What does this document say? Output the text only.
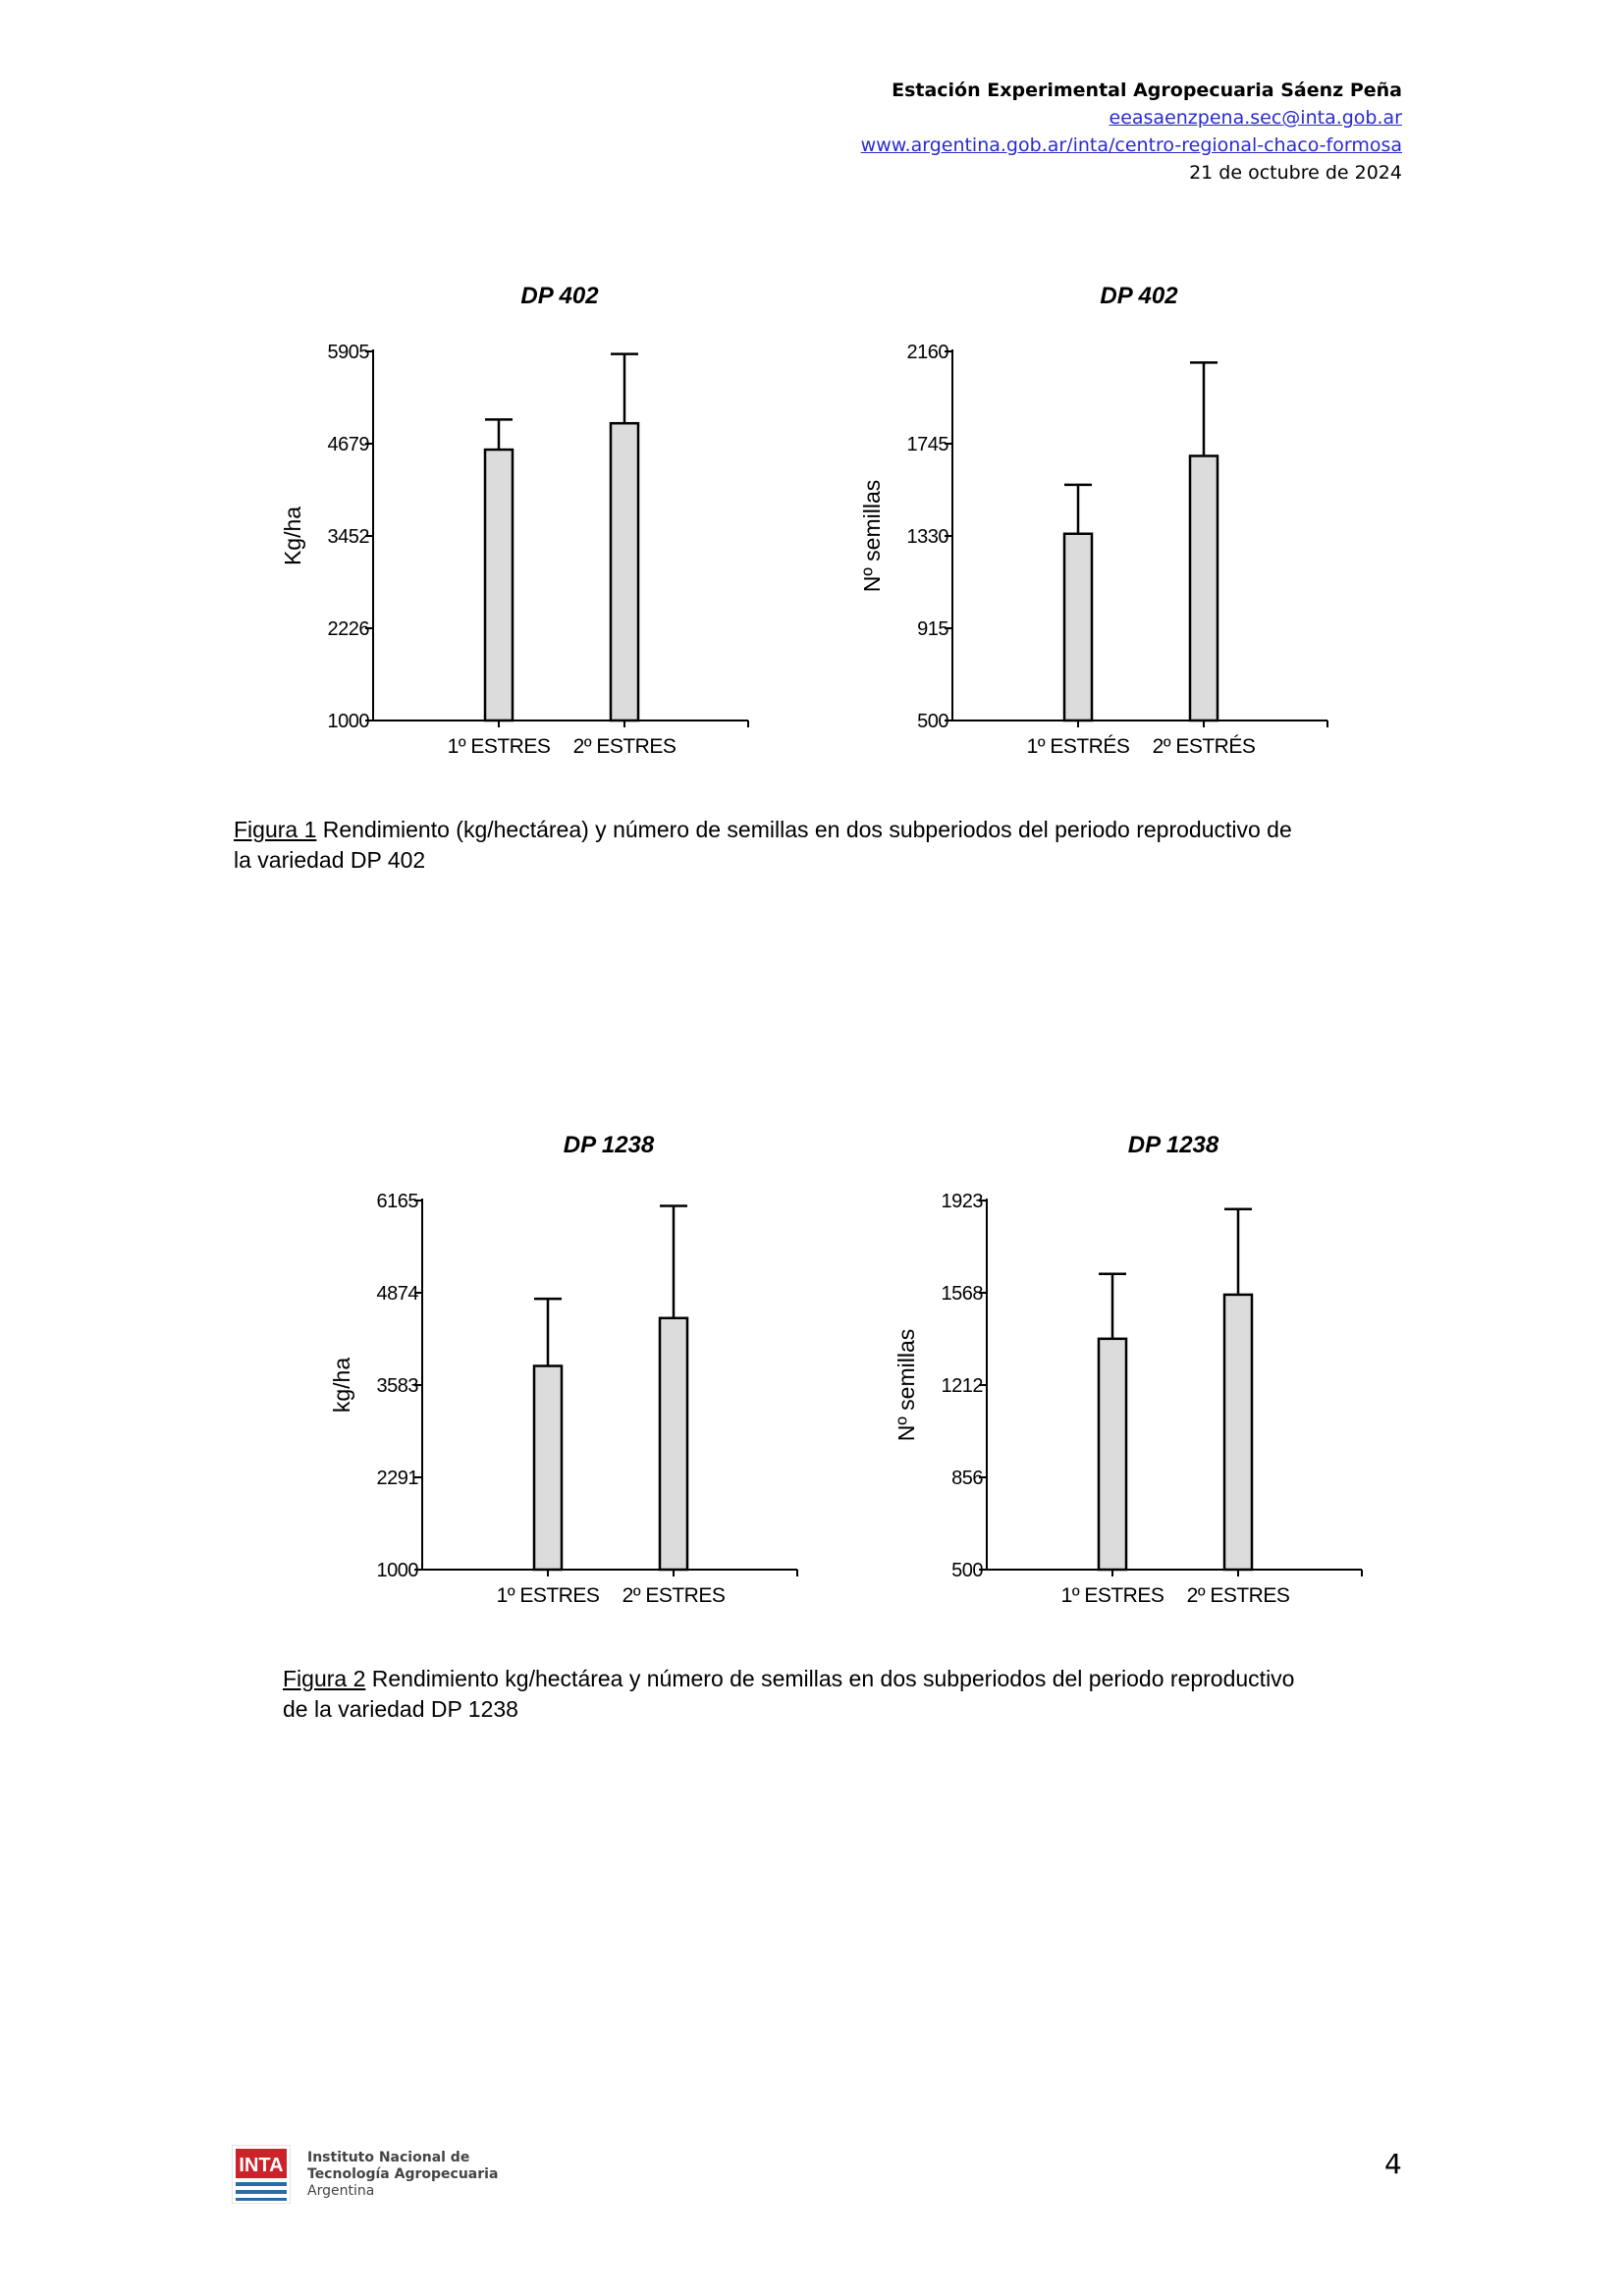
Estación Experimental Agropecuaria Sáenz Peña
eeasaenzpena.sec@inta.gob.ar
www.argentina.gob.ar/inta/centro-regional-chaco-formosa
21 de octubre de 2024
DP 402
5905
4679
3452
2226
1000
Kg/ha
1º ESTRES 2º ESTRES
DP 402
2160
1745
1330
915
500
Nº semillas
1º ESTRÉS 2º ESTRÉS
DP 1238
6165
4874
3583
2291
1000
kg/ha
1º ESTRES 2º ESTRES
DP 1238
1923
1568
1212
856
500
Nº semillas
1º ESTRES 2º ESTRES
Figura 1 Rendimiento (kg/hectárea) y número de semillas en dos subperiodos del periodo reproductivo de
la variedad DP 402
Figura 2 Rendimiento kg/hectárea y número de semillas en dos subperiodos del periodo reproductivo
de la variedad DP 1238
INTA Instituto Nacional de
Tecnología Agropecuaria
Argentina
4
